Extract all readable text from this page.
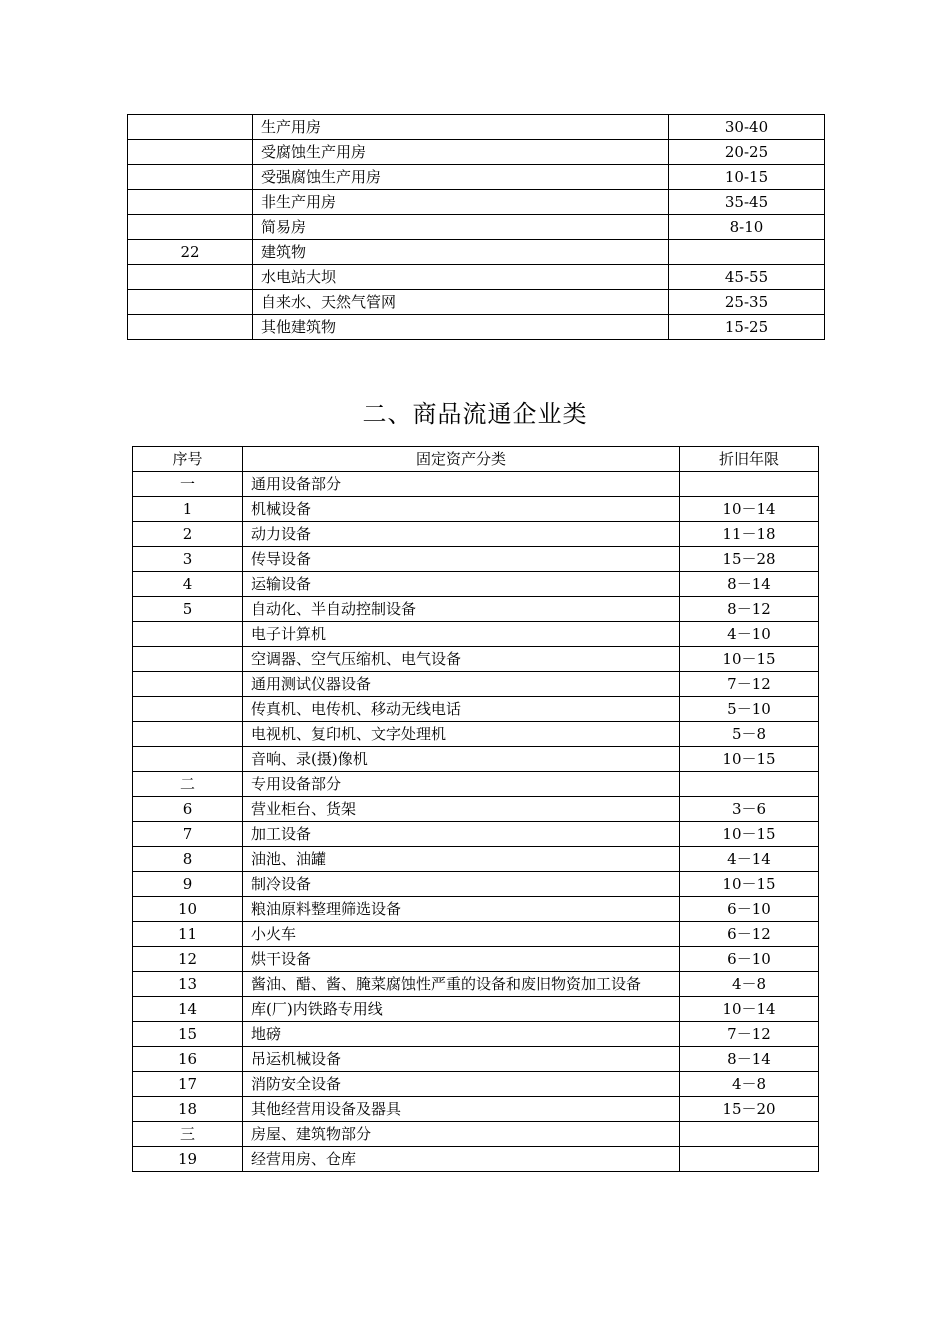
	生产用房	30-40
	受腐蚀生产用房	20-25
	受强腐蚀生产用房	10-15
	非生产用房	35-45
	简易房	8-10
22	建筑物	
	水电站大坝	45-55
	自来水、天然气管网	25-35
	其他建筑物	15-25
二、商品流通企业类
序号	固定资产分类	折旧年限
一	通用设备部分	
1	机械设备	10－14
2	动力设备	11－18
3	传导设备	15－28
4	运输设备	8－14
5	自动化、半自动控制设备	8－12
	电子计算机	4－10
	空调器、空气压缩机、电气设备	10－15
	通用测试仪器设备	7－12
	传真机、电传机、移动无线电话	5－10
	电视机、复印机、文字处理机	5－8
	音响、录(摄)像机	10－15
二	专用设备部分	
6	营业柜台、货架	3－6
7	加工设备	10－15
8	油池、油罐	4－14
9	制冷设备	10－15
10	粮油原料整理筛选设备	6－10
11	小火车	6－12
12	烘干设备	6－10
13	酱油、醋、酱、腌菜腐蚀性严重的设备和废旧物资加工设备	4－8
14	库(厂)内铁路专用线	10－14
15	地磅	7－12
16	吊运机械设备	8－14
17	消防安全设备	4－8
18	其他经营用设备及器具	15－20
三	房屋、建筑物部分	
19	经营用房、仓库	
